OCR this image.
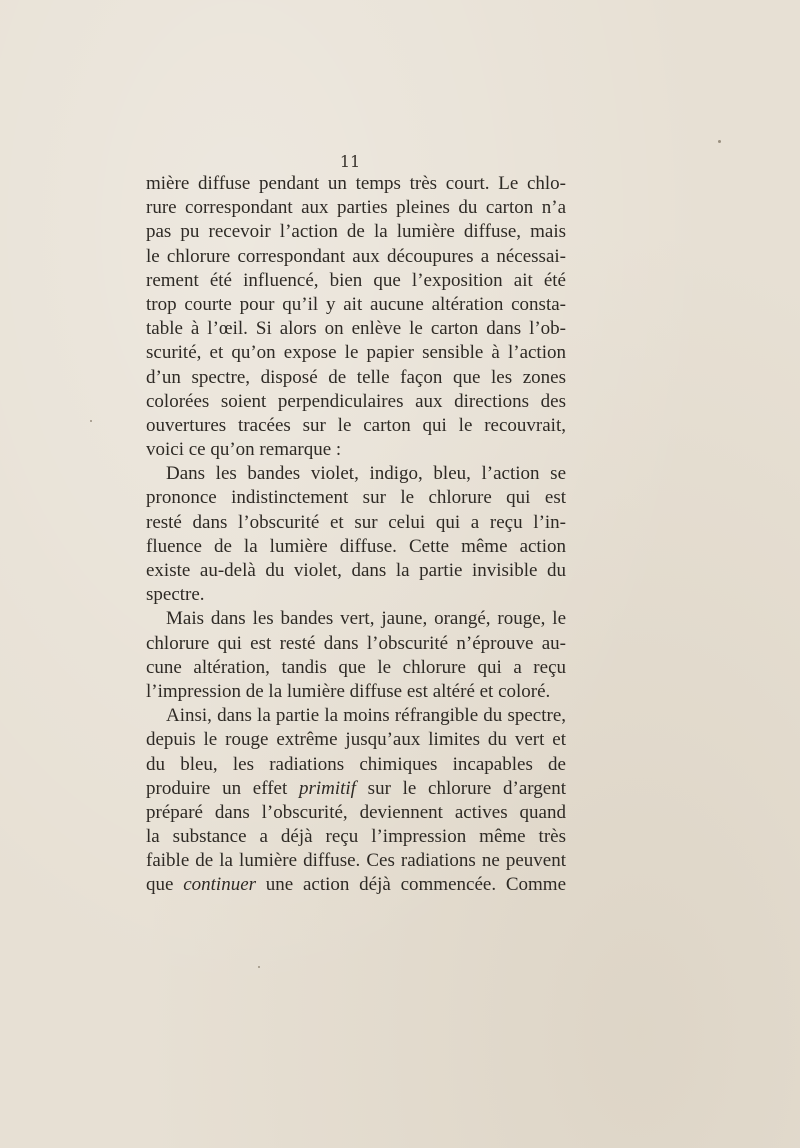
11
mière diffuse pendant un temps très court. Le chlo-
rure correspondant aux parties pleines du carton n’a
pas pu recevoir l’action de la lumière diffuse, mais
le chlorure correspondant aux découpures a nécessai-
rement été influencé, bien que l’exposition ait été
trop courte pour qu’il y ait aucune altération consta-
table à l’œil. Si alors on enlève le carton dans l’ob-
scurité, et qu’on expose le papier sensible à l’action
d’un spectre, disposé de telle façon que les zones
colorées soient perpendiculaires aux directions des
ouvertures tracées sur le carton qui le recouvrait,
voici ce qu’on remarque :
Dans les bandes violet, indigo, bleu, l’action se
prononce indistinctement sur le chlorure qui est
resté dans l’obscurité et sur celui qui a reçu l’in-
fluence de la lumière diffuse. Cette même action
existe au-delà du violet, dans la partie invisible du
spectre.
Mais dans les bandes vert, jaune, orangé, rouge, le
chlorure qui est resté dans l’obscurité n’éprouve au-
cune altération, tandis que le chlorure qui a reçu
l’impression de la lumière diffuse est altéré et coloré.
Ainsi, dans la partie la moins réfrangible du spectre,
depuis le rouge extrême jusqu’aux limites du vert et
du bleu, les radiations chimiques incapables de
produire un effet primitif sur le chlorure d’argent
préparé dans l’obscurité, deviennent actives quand
la substance a déjà reçu l’impression même très
faible de la lumière diffuse. Ces radiations ne peuvent
que continuer une action déjà commencée. Comme
